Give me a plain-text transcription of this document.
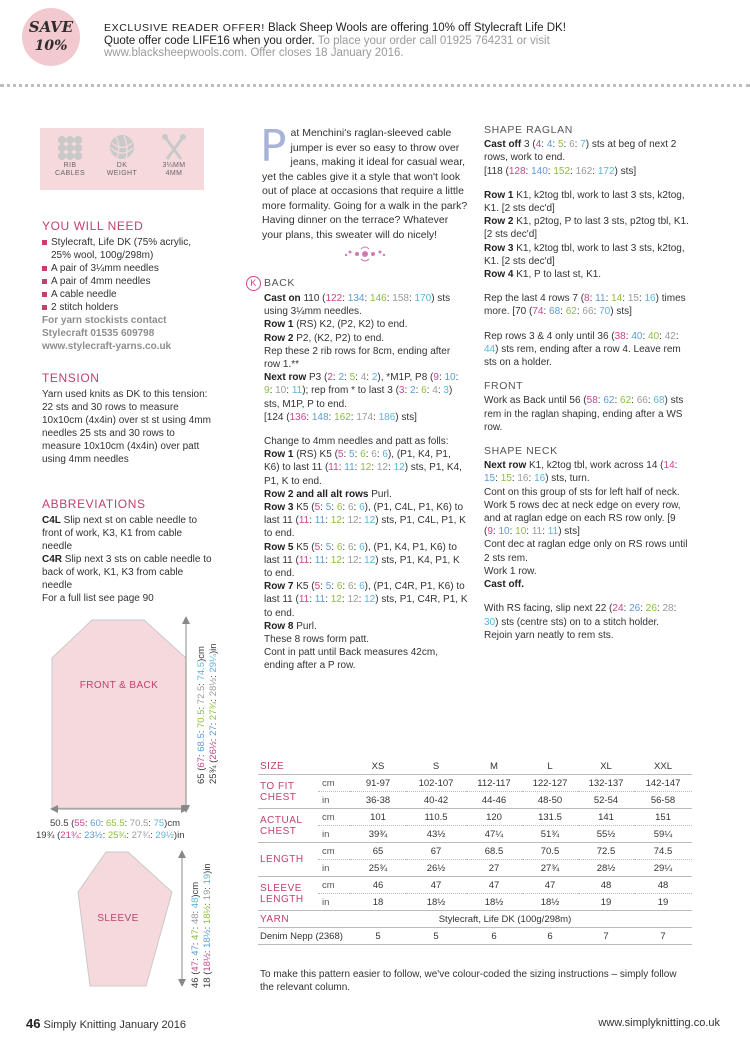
SAVE
10%
EXCLUSIVE READER OFFER! Black Sheep Wools are offering 10% off Stylecraft Life DK!
Quote offer code LIFE16 when you order. To place your order call 01925 764231 or visit
www.blacksheepwools.com. Offer closes 18 January 2016.
RIB
CABLES
DK
WEIGHT
3¼MM
4MM
YOU WILL NEED
Stylecraft, Life DK (75% acrylic, 25% wool, 100g/298m)
A pair of 3¼mm needles
A pair of 4mm needles
A cable needle
2 stitch holders
For yarn stockists contact Stylecraft 01535 609798 www.stylecraft-yarns.co.uk
TENSION
Yarn used knits as DK to this tension: 22 sts and 30 rows to measure 10x10cm (4x4in) over st st using 4mm needles 25 sts and 30 rows to measure 10x10cm (4x4in) over patt using 4mm needles
ABBREVIATIONS
C4L Slip next st on cable needle to front of work, K3, K1 from cable needle
C4R Slip next 3 sts on cable needle to back of work, K1, K3 from cable needle
For a full list see page 90
FRONT & BACK
65 (67: 68.5: 70.5: 72.5: 74.5)cm
25¾ (26½: 27: 27¾: 28½: 29¼)in
50.5 (55: 60: 65.5: 70.5: 75)cm
19¾ (21¾: 23½: 25¾: 27¾: 29½)in
SLEEVE
46 (47: 47: 47: 48: 48)cm
18 (18½: 18½: 18½: 19: 19)in
Pat Menchini's raglan-sleeved cable jumper is ever so easy to throw over jeans, making it ideal for casual wear, yet the cables give it a style that won't look out of place at occasions that require a little more formality. Going for a walk in the park? Having dinner on the terrace? Whatever your plans, this sweater will do nicely!
K BACK

Cast on 110 (122: 134: 146: 158: 170) sts using 3¼mm needles.
Row 1 (RS) K2, (P2, K2) to end.
Row 2 P2, (K2, P2) to end.
Rep these 2 rib rows for 8cm, ending after row 1.**
Next row P3 (2: 2: 5: 4: 2), *M1P, P8 (9: 10: 9: 10: 11); rep from * to last 3 (3: 2: 6: 4: 3) sts, M1P, P to end.
[124 (136: 148: 162: 174: 186) sts]

Change to 4mm needles and patt as folls:
Row 1 (RS) K5 (5: 5: 6: 6: 6), (P1, K4, P1, K6) to last 11 (11: 11: 12: 12: 12) sts, P1, K4, P1, K to end.
Row 2 and all alt rows Purl.
Row 3 K5 (5: 5: 6: 6: 6), (P1, C4L, P1, K6) to last 11 (11: 11: 12: 12: 12) sts, P1, C4L, P1, K to end.
Row 5 K5 (5: 5: 6: 6: 6), (P1, K4, P1, K6) to last 11 (11: 11: 12: 12: 12) sts, P1, K4, P1, K to end.
Row 7 K5 (5: 5: 6: 6: 6), (P1, C4R, P1, K6) to last 11 (11: 11: 12: 12: 12) sts, P1, C4R, P1, K to end.
Row 8 Purl.
These 8 rows form patt.
Cont in patt until Back measures 42cm, ending after a P row.

SHAPE RAGLAN

Cast off 3 (4: 4: 5: 6: 7) sts at beg of next 2 rows, work to end.
[118 (128: 140: 152: 162: 172) sts]

Row 1 K1, k2tog tbl, work to last 3 sts, k2tog, K1. [2 sts dec'd]
Row 2 K1, p2tog, P to last 3 sts, p2tog tbl, K1. [2 sts dec'd]
Row 3 K1, k2tog tbl, work to last 3 sts, k2tog, K1. [2 sts dec'd]
Row 4 K1, P to last st, K1.

Rep the last 4 rows 7 (8: 11: 14: 15: 16) times more. [70 (74: 68: 62: 66: 70) sts]

Rep rows 3 & 4 only until 36 (38: 40: 40: 42: 44) sts rem, ending after a row 4. Leave rem sts on a holder.

FRONT

Work as Back until 56 (58: 62: 62: 66: 68) sts rem in the raglan shaping, ending after a WS row.

SHAPE NECK

Next row K1, k2tog tbl, work across 14 (14: 15: 15: 16: 16) sts, turn.
Cont on this group of sts for left half of neck.
Work 5 rows dec at neck edge on every row, and at raglan edge on each RS row only. [9 (9: 10: 10: 11: 11) sts]
Cont dec at raglan edge only on RS rows until 2 sts rem.
Work 1 row.
Cast off.

With RS facing, slip next 22 (24: 26: 26: 28: 30) sts (centre sts) on to a stitch holder.
Rejoin yarn neatly to rem sts.

SIZE		XS	S	M	L	XL	XXL
TO FIT
CHEST	cm	91-97	102-107	112-117	122-127	132-137	142-147
	in	36-38	40-42	44-46	48-50	52-54	56-58
ACTUAL
CHEST	cm	101	110.5	120	131.5	141	151
	in	39¾	43½	47¼	51¾	55½	59¼
LENGTH	cm	65	67	68.5	70.5	72.5	74.5
	in	25¾	26½	27	27¾	28½	29¼
SLEEVE
LENGTH	cm	46	47	47	47	48	48
	in	18	18½	18½	18½	19	19
YARN	Stylecraft, Life DK (100g/298m)						
Denim Nepp (2368)		5	5	6	6	7	7
To make this pattern easier to follow, we've colour-coded the sizing instructions – simply follow the relevant column.
46 Simply Knitting January 2016	www.simplyknitting.co.uk
